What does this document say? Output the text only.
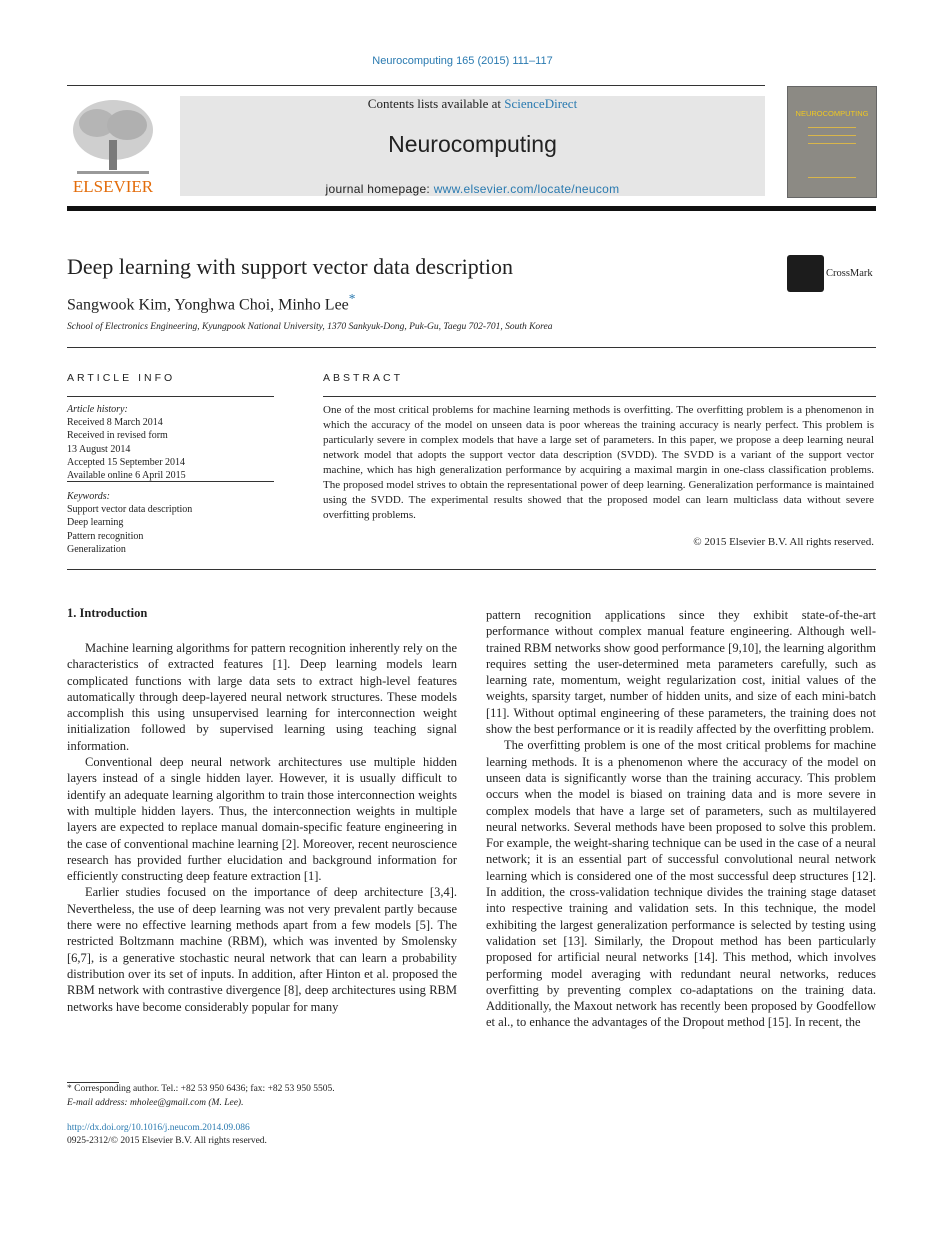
Neurocomputing 165 (2015) 111–117
ELSEVIER
Contents lists available at ScienceDirect
Neurocomputing
journal homepage: www.elsevier.com/locate/neucom
NEUROCOMPUTING
Deep learning with support vector data description	CrossMark
Sangwook Kim, Yonghwa Choi, Minho Lee*
School of Electronics Engineering, Kyungpook National University, 1370 Sankyuk-Dong, Puk-Gu, Taegu 702-701, South Korea
ARTICLE INFO	ABSTRACT
Article history:
Received 8 March 2014
Received in revised form
13 August 2014
Accepted 15 September 2014
Available online 6 April 2015
Keywords:
Support vector data description
Deep learning
Pattern recognition
Generalization
One of the most critical problems for machine learning methods is overfitting. The overfitting problem is a phenomenon in which the accuracy of the model on unseen data is poor whereas the training accuracy is nearly perfect. This problem is particularly severe in complex models that have a large set of parameters. In this paper, we propose a deep learning neural network model that adopts the support vector data description (SVDD). The SVDD is a variant of the support vector machine, which has high generalization performance by acquiring a maximal margin in one-class classification problems. The proposed model strives to obtain the representational power of deep learning. Generalization performance is maintained using the SVDD. The experimental results showed that the proposed model can learn multiclass data without severe overfitting problems.
© 2015 Elsevier B.V. All rights reserved.
1. Introduction

Machine learning algorithms for pattern recognition inherently rely on the characteristics of extracted features [1]. Deep learning models learn complicated functions with large data sets to extract high-level features automatically through deep-layered neural network structures. These models accomplish this using unsupervised learning for interconnection weight initialization followed by supervised learning using teaching signal information.

Conventional deep neural network architectures use multiple hidden layers instead of a single hidden layer. However, it is usually difficult to identify an adequate learning algorithm to train those interconnection weights with multiple hidden layers. Thus, the interconnection weights in multiple layers are expected to replace manual domain-specific feature engineering in the case of conventional machine learning [2]. Moreover, recent neuroscience research has provided further elucidation and background information for efficiently constructing deep feature extraction [1].

Earlier studies focused on the importance of deep architecture [3,4]. Nevertheless, the use of deep learning was not very prevalent partly because there were no effective learning methods apart from a few models [5]. The restricted Boltzmann machine (RBM), which was invented by Smolensky [6,7], is a generative stochastic neural network that can learn a probability distribution over its set of inputs. In addition, after Hinton et al. proposed the RBM network with contrastive divergence [8], deep architectures using RBM networks have become considerably popular for many

pattern recognition applications since they exhibit state-of-the-art performance without complex manual feature engineering. Although well-trained RBM networks show good performance [9,10], the learning algorithm requires setting the user-determined meta parameters carefully, such as learning rate, momentum, weight regularization cost, initial values of the weights, sparsity target, number of hidden units, and size of each mini-batch [11]. Without optimal engineering of these parameters, the training does not show the best performance or it is readily affected by the overfitting problem.

The overfitting problem is one of the most critical problems for machine learning methods. It is a phenomenon where the accuracy of the model on unseen data is significantly worse than the training accuracy. This problem occurs when the model is biased on training data and is more severe in complex models that have a large set of parameters, such as multilayered neural networks. Several methods have been proposed to solve this problem. For example, the weight-sharing technique can be used in the case of a neural network; it is an essential part of successful convolutional neural network learning which is considered one of the most successful deep structures [12]. In addition, the cross-validation technique divides the training stage dataset into respective training and validation sets. In this technique, the model exhibiting the largest generalization performance is selected by testing using validation set [13]. Similarly, the Dropout method has been particularly proposed for artificial neural networks [14]. This method, which involves performing model averaging with redundant neural networks, reduces overfitting by preventing complex co-adaptations on the training data. Additionally, the Maxout network has recently been proposed by Goodfellow et al., to enhance the advantages of the Dropout method [15]. In recent, the

* Corresponding author. Tel.: +82 53 950 6436; fax: +82 53 950 5505.
E-mail address: mholee@gmail.com (M. Lee).
http://dx.doi.org/10.1016/j.neucom.2014.09.086
0925-2312/© 2015 Elsevier B.V. All rights reserved.
